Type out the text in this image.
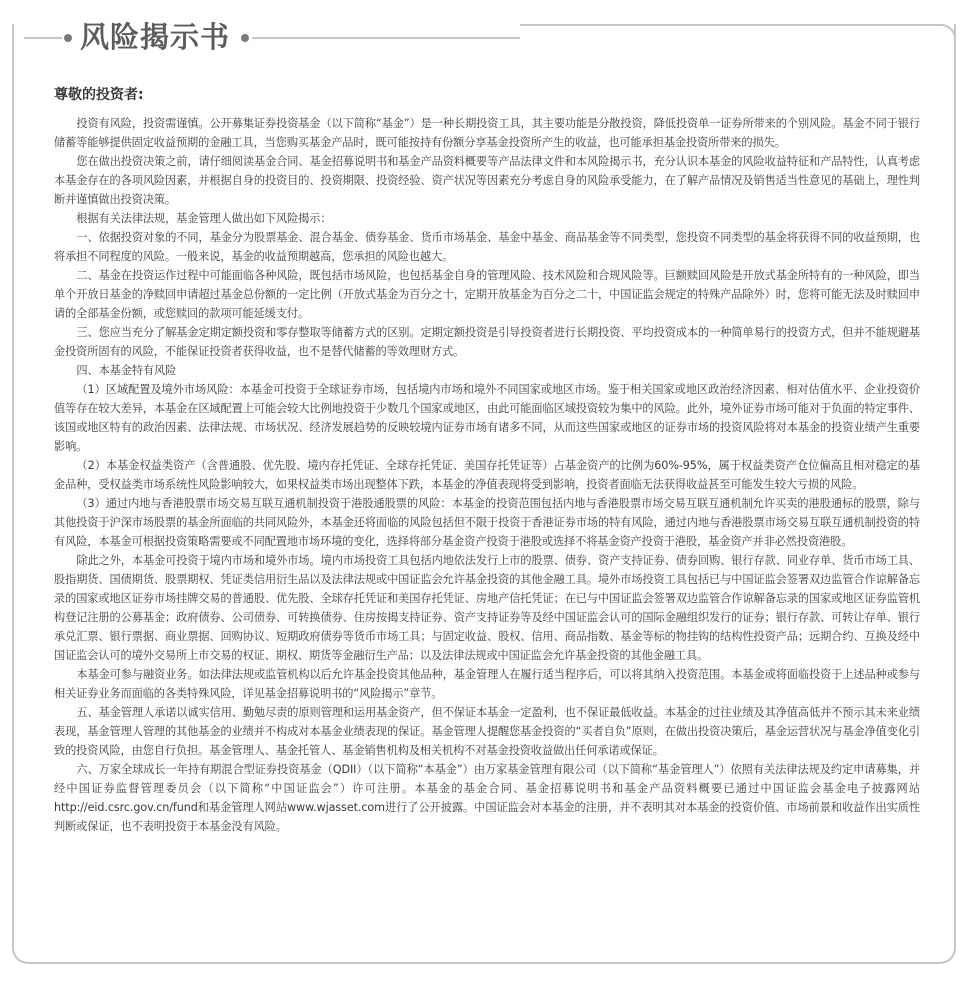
风险揭示书
尊敬的投资者:

投资有风险，投资需谨慎。公开募集证券投资基金（以下简称“基金”）是一种长期投资工具，其主要功能是分散投资，降低投资单一证券所带来的个别风险。基金不同于银行储蓄等能够提供固定收益预期的金融工具，当您购买基金产品时，既可能按持有份额分享基金投资所产生的收益，也可能承担基金投资所带来的损失。

您在做出投资决策之前，请仔细阅读基金合同、基金招募说明书和基金产品资料概要等产品法律文件和本风险揭示书，充分认识本基金的风险收益特征和产品特性，认真考虑本基金存在的各项风险因素，并根据自身的投资目的、投资期限、投资经验、资产状况等因素充分考虑自身的风险承受能力，在了解产品情况及销售适当性意见的基础上，理性判断并谨慎做出投资决策。

根据有关法律法规，基金管理人做出如下风险揭示：

一、依据投资对象的不同，基金分为股票基金、混合基金、债券基金、货币市场基金、基金中基金、商品基金等不同类型，您投资不同类型的基金将获得不同的收益预期，也将承担不同程度的风险。一般来说，基金的收益预期越高，您承担的风险也越大。

二、基金在投资运作过程中可能面临各种风险，既包括市场风险，也包括基金自身的管理风险、技术风险和合规风险等。巨额赎回风险是开放式基金所特有的一种风险，即当单个开放日基金的净赎回申请超过基金总份额的一定比例（开放式基金为百分之十，定期开放基金为百分之二十，中国证监会规定的特殊产品除外）时，您将可能无法及时赎回申请的全部基金份额，或您赎回的款项可能延缓支付。

三、您应当充分了解基金定期定额投资和零存整取等储蓄方式的区别。定期定额投资是引导投资者进行长期投资、平均投资成本的一种简单易行的投资方式，但并不能规避基金投资所固有的风险，不能保证投资者获得收益，也不是替代储蓄的等效理财方式。

四、本基金特有风险

（1）区域配置及境外市场风险：本基金可投资于全球证券市场，包括境内市场和境外不同国家或地区市场。鉴于相关国家或地区政治经济因素、相对估值水平、企业投资价值等存在较大差异，本基金在区域配置上可能会较大比例地投资于少数几个国家或地区，由此可能面临区域投资较为集中的风险。此外，境外证券市场可能对于负面的特定事件、该国或地区特有的政治因素、法律法规、市场状况、经济发展趋势的反映较境内证券市场有诸多不同，从而这些国家或地区的证券市场的投资风险将对本基金的投资业绩产生重要影响。

（2）本基金权益类资产（含普通股、优先股、境内存托凭证、全球存托凭证、美国存托凭证等）占基金资产的比例为60%-95%，属于权益类资产仓位偏高且相对稳定的基金品种，受权益类市场系统性风险影响较大，如果权益类市场出现整体下跌，本基金的净值表现将受到影响，投资者面临无法获得收益甚至可能发生较大亏损的风险。

（3）通过内地与香港股票市场交易互联互通机制投资于港股通股票的风险：本基金的投资范围包括内地与香港股票市场交易互联互通机制允许买卖的港股通标的股票，除与其他投资于沪深市场股票的基金所面临的共同风险外，本基金还将面临的风险包括但不限于投资于香港证券市场的特有风险，通过内地与香港股票市场交易互联互通机制投资的特有风险，本基金可根据投资策略需要或不同配置地市场环境的变化，选择将部分基金资产投资于港股或选择不将基金资产投资于港股，基金资产并非必然投资港股。

除此之外，本基金可投资于境内市场和境外市场。境内市场投资工具包括内地依法发行上市的股票、债券、资产支持证券、债券回购、银行存款、同业存单、货币市场工具、股指期货、国债期货、股票期权、凭证类信用衍生品以及法律法规或中国证监会允许基金投资的其他金融工具。境外市场投资工具包括已与中国证监会签署双边监管合作谅解备忘录的国家或地区证券市场挂牌交易的普通股、优先股、全球存托凭证和美国存托凭证、房地产信托凭证；在已与中国证监会签署双边监管合作谅解备忘录的国家或地区证券监管机构登记注册的公募基金；政府债券、公司债券、可转换债券、住房按揭支持证券、资产支持证券等及经中国证监会认可的国际金融组织发行的证券；银行存款、可转让存单、银行承兑汇票、银行票据、商业票据、回购协议、短期政府债券等货币市场工具；与固定收益、股权、信用、商品指数、基金等标的物挂钩的结构性投资产品；远期合约、互换及经中国证监会认可的境外交易所上市交易的权证、期权、期货等金融衍生产品；以及法律法规或中国证监会允许基金投资的其他金融工具。

本基金可参与融资业务。如法律法规或监管机构以后允许基金投资其他品种，基金管理人在履行适当程序后，可以将其纳入投资范围。本基金或将面临投资于上述品种或参与相关证券业务而面临的各类特殊风险，详见基金招募说明书的“风险揭示”章节。

五、基金管理人承诺以诚实信用、勤勉尽责的原则管理和运用基金资产，但不保证本基金一定盈利，也不保证最低收益。本基金的过往业绩及其净值高低并不预示其未来业绩表现，基金管理人管理的其他基金的业绩并不构成对本基金业绩表现的保证。基金管理人提醒您基金投资的“买者自负”原则，在做出投资决策后，基金运营状况与基金净值变化引致的投资风险，由您自行负担。基金管理人、基金托管人、基金销售机构及相关机构不对基金投资收益做出任何承诺或保证。

六、万家全球成长一年持有期混合型证券投资基金（QDII）（以下简称“本基金”）由万家基金管理有限公司（以下简称“基金管理人”）依照有关法律法规及约定申请募集，并经中国证券监督管理委员会（以下简称“中国证监会”）许可注册。本基金的基金合同、基金招募说明书和基金产品资料概要已通过中国证监会基金电子披露网站http://eid.csrc.gov.cn/fund和基金管理人网站www.wjasset.com进行了公开披露。中国证监会对本基金的注册，并不表明其对本基金的投资价值、市场前景和收益作出实质性判断或保证，也不表明投资于本基金没有风险。
